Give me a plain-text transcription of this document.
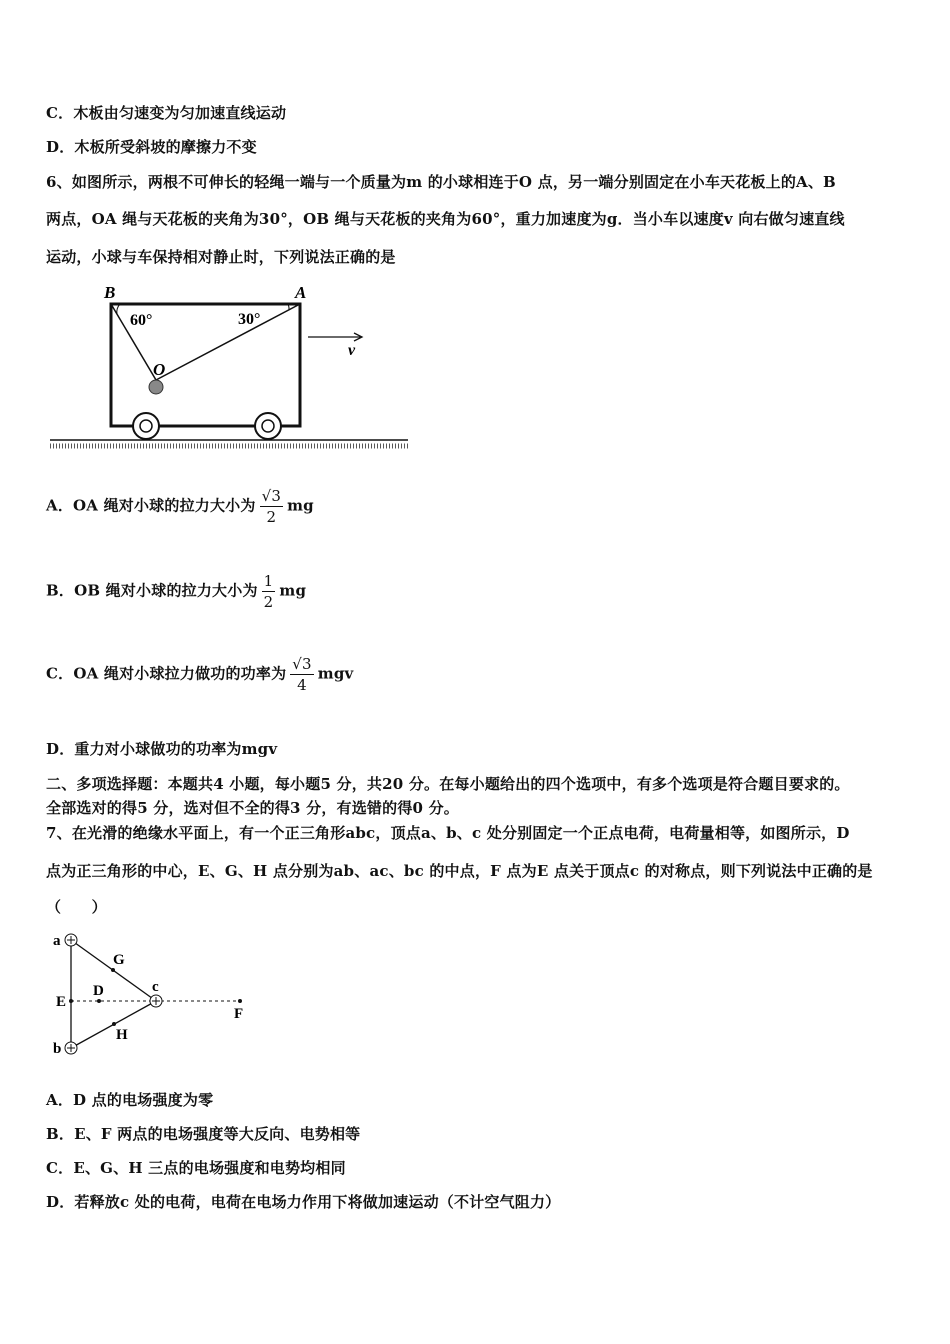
C．木板由匀速变为匀加速直线运动
D．木板所受斜坡的摩擦力不变
6、如图所示，两根不可伸长的轻绳一端与一个质量为m 的小球相连于O 点，另一端分别固定在小车天花板上的A、B
两点，OA 绳与天花板的夹角为30°，OB 绳与天花板的夹角为60°，重力加速度为g．当小车以速度v 向右做匀速直线
运动，小球与车保持相对静止时，下列说法正确的是
B	A
60°	30°
O
v
A．OA 绳对小球的拉力大小为 $\frac{√3}{2}$ mg
B．OB 绳对小球的拉力大小为 $\frac{1}{2}$ mg
C．OA 绳对小球拉力做功的功率为 $\frac{√3}{4}$ mgv
D．重力对小球做功的功率为mgv
二、多项选择题：本题共4 小题，每小题5 分，共20 分。在每小题给出的四个选项中，有多个选项是符合题目要求的。
全部选对的得5 分，选对但不全的得3 分，有选错的得0 分。
7、在光滑的绝缘水平面上，有一个正三角形abc，顶点a、b、c 处分别固定一个正点电荷，电荷量相等，如图所示，D
点为正三角形的中心，E、G、H 点分别为ab、ac、bc 的中点，F 点为E 点关于顶点c 的对称点，则下列说法中正确的是
（　　）
a
b
c
D
E
F
G
H
A．D 点的电场强度为零
B．E、F 两点的电场强度等大反向、电势相等
C．E、G、H 三点的电场强度和电势均相同
D．若释放c 处的电荷，电荷在电场力作用下将做加速运动（不计空气阻力）
